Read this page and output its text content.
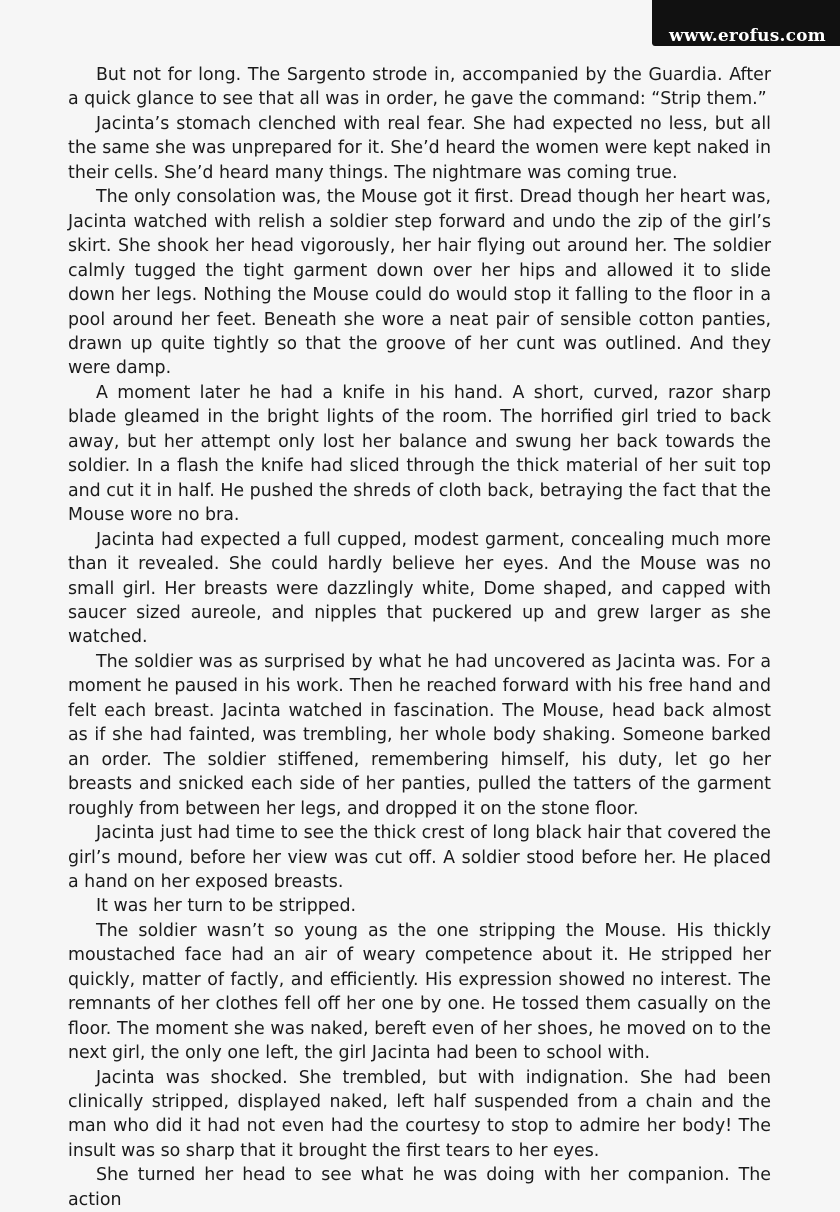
www.erofus.com

But not for long. The Sargento strode in, accompanied by the Guardia. After a quick glance to see that all was in order, he gave the command: “Strip them.”

Jacinta’s stomach clenched with real fear. She had expected no less, but all the same she was unprepared for it. She’d heard the women were kept naked in their cells. She’d heard many things. The nightmare was coming true.

The only consolation was, the Mouse got it first. Dread though her heart was, Jacinta watched with relish a soldier step forward and undo the zip of the girl’s skirt. She shook her head vigorously, her hair flying out around her. The soldier calmly tugged the tight garment down over her hips and allowed it to slide down her legs. Nothing the Mouse could do would stop it falling to the floor in a pool around her feet. Beneath she wore a neat pair of sensible cotton panties, drawn up quite tightly so that the groove of her cunt was outlined. And they were damp.

A moment later he had a knife in his hand. A short, curved, razor sharp blade gleamed in the bright lights of the room. The horrified girl tried to back away, but her attempt only lost her balance and swung her back towards the soldier. In a flash the knife had sliced through the thick material of her suit top and cut it in half. He pushed the shreds of cloth back, betraying the fact that the Mouse wore no bra.

Jacinta had expected a full cupped, modest garment, concealing much more than it revealed. She could hardly believe her eyes. And the Mouse was no small girl. Her breasts were dazzlingly white, Dome shaped, and capped with saucer sized aureole, and nipples that puckered up and grew larger as she watched.

The soldier was as surprised by what he had uncovered as Jacinta was. For a moment he paused in his work. Then he reached forward with his free hand and felt each breast. Jacinta watched in fascination. The Mouse, head back almost as if she had fainted, was trembling, her whole body shaking. Someone barked an order. The soldier stiffened, remembering himself, his duty, let go her breasts and snicked each side of her panties, pulled the tatters of the garment roughly from between her legs, and dropped it on the stone floor.

Jacinta just had time to see the thick crest of long black hair that covered the girl’s mound, before her view was cut off. A soldier stood before her. He placed a hand on her exposed breasts.

It was her turn to be stripped.

The soldier wasn’t so young as the one stripping the Mouse. His thickly moustached face had an air of weary competence about it. He stripped her quickly, matter of factly, and efficiently. His expression showed no interest. The remnants of her clothes fell off her one by one. He tossed them casually on the floor. The moment she was naked, bereft even of her shoes, he moved on to the next girl, the only one left, the girl Jacinta had been to school with.

Jacinta was shocked. She trembled, but with indignation. She had been clinically stripped, displayed naked, left half suspended from a chain and the man who did it had not even had the courtesy to stop to admire her body! The insult was so sharp that it brought the first tears to her eyes.

She turned her head to see what he was doing with her companion. The action
